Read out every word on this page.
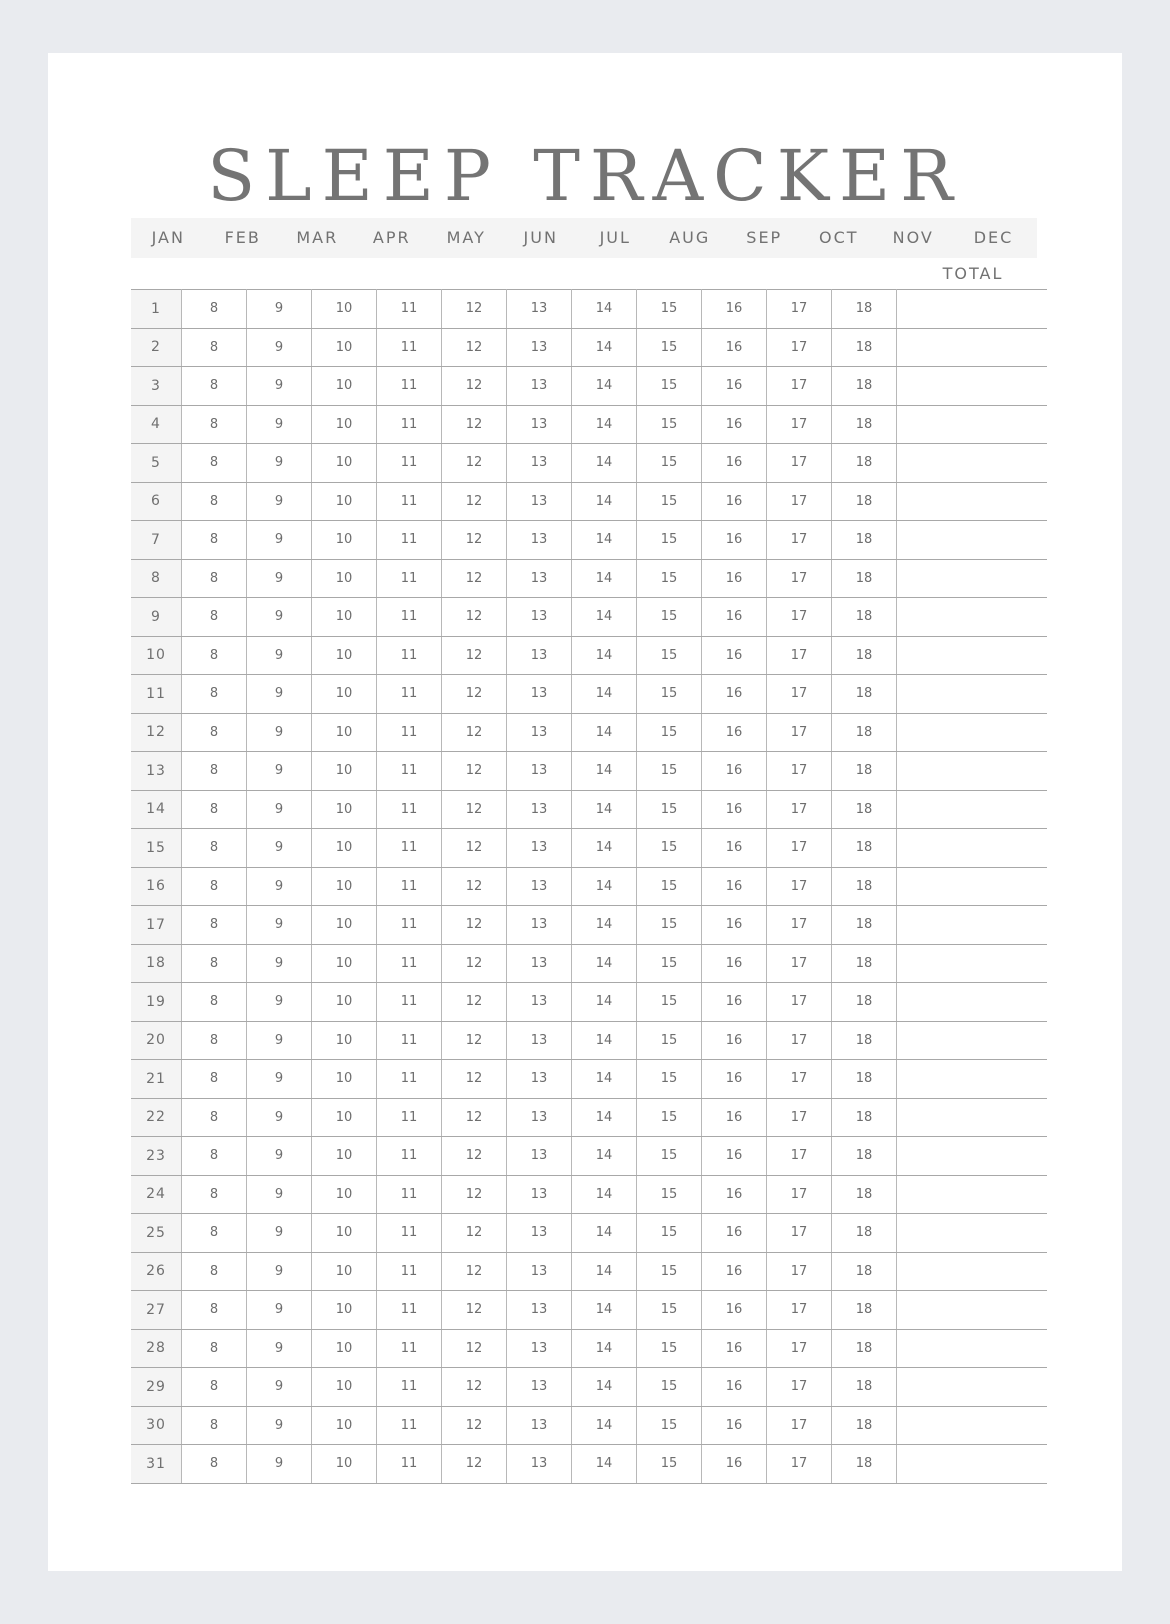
SLEEP TRACKER
JAN	FEB	MAR	APR	MAY	JUN	JUL	AUG	SEP	OCT	NOV	DEC
TOTAL
1	8	9	10	11	12	13	14	15	16	17	18	
2	8	9	10	11	12	13	14	15	16	17	18	
3	8	9	10	11	12	13	14	15	16	17	18	
4	8	9	10	11	12	13	14	15	16	17	18	
5	8	9	10	11	12	13	14	15	16	17	18	
6	8	9	10	11	12	13	14	15	16	17	18	
7	8	9	10	11	12	13	14	15	16	17	18	
8	8	9	10	11	12	13	14	15	16	17	18	
9	8	9	10	11	12	13	14	15	16	17	18	
10	8	9	10	11	12	13	14	15	16	17	18	
11	8	9	10	11	12	13	14	15	16	17	18	
12	8	9	10	11	12	13	14	15	16	17	18	
13	8	9	10	11	12	13	14	15	16	17	18	
14	8	9	10	11	12	13	14	15	16	17	18	
15	8	9	10	11	12	13	14	15	16	17	18	
16	8	9	10	11	12	13	14	15	16	17	18	
17	8	9	10	11	12	13	14	15	16	17	18	
18	8	9	10	11	12	13	14	15	16	17	18	
19	8	9	10	11	12	13	14	15	16	17	18	
20	8	9	10	11	12	13	14	15	16	17	18	
21	8	9	10	11	12	13	14	15	16	17	18	
22	8	9	10	11	12	13	14	15	16	17	18	
23	8	9	10	11	12	13	14	15	16	17	18	
24	8	9	10	11	12	13	14	15	16	17	18	
25	8	9	10	11	12	13	14	15	16	17	18	
26	8	9	10	11	12	13	14	15	16	17	18	
27	8	9	10	11	12	13	14	15	16	17	18	
28	8	9	10	11	12	13	14	15	16	17	18	
29	8	9	10	11	12	13	14	15	16	17	18	
30	8	9	10	11	12	13	14	15	16	17	18	
31	8	9	10	11	12	13	14	15	16	17	18	
